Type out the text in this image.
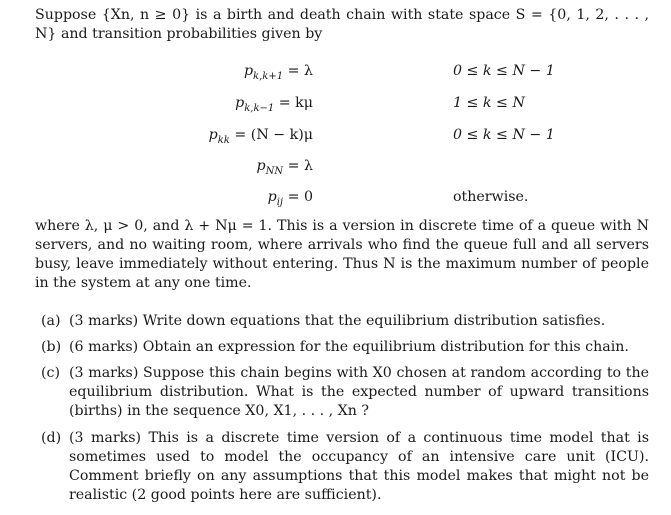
Suppose {Xn, n ≥ 0} is a birth and death chain with state space S = {0, 1, 2, . . . , N} and transition probabilities given by
$p_{k,k+1} = \lambda$	0 ≤ k ≤ N − 1
$p_{k,k-1} = k\mu$	1 ≤ k ≤ N
$p_{kk} = (N - k)\mu$	0 ≤ k ≤ N − 1
$p_{NN} = \lambda$
$p_{ij} = 0$	otherwise.
where λ, μ > 0, and λ + Nμ = 1. This is a version in discrete time of a queue with N servers, and no waiting room, where arrivals who find the queue full and all servers busy, leave immediately without entering. Thus N is the maximum number of people in the system at any one time.
(a) (3 marks) Write down equations that the equilibrium distribution satisfies.
(b) (6 marks) Obtain an expression for the equilibrium distribution for this chain.
(c) (3 marks) Suppose this chain begins with X0 chosen at random according to the equilibrium distribution. What is the expected number of upward transitions (births) in the sequence X0, X1, . . . , Xn ?
(d) (3 marks) This is a discrete time version of a continuous time model that is sometimes used to model the occupancy of an intensive care unit (ICU). Comment briefly on any assumptions that this model makes that might not be realistic (2 good points here are sufficient).
